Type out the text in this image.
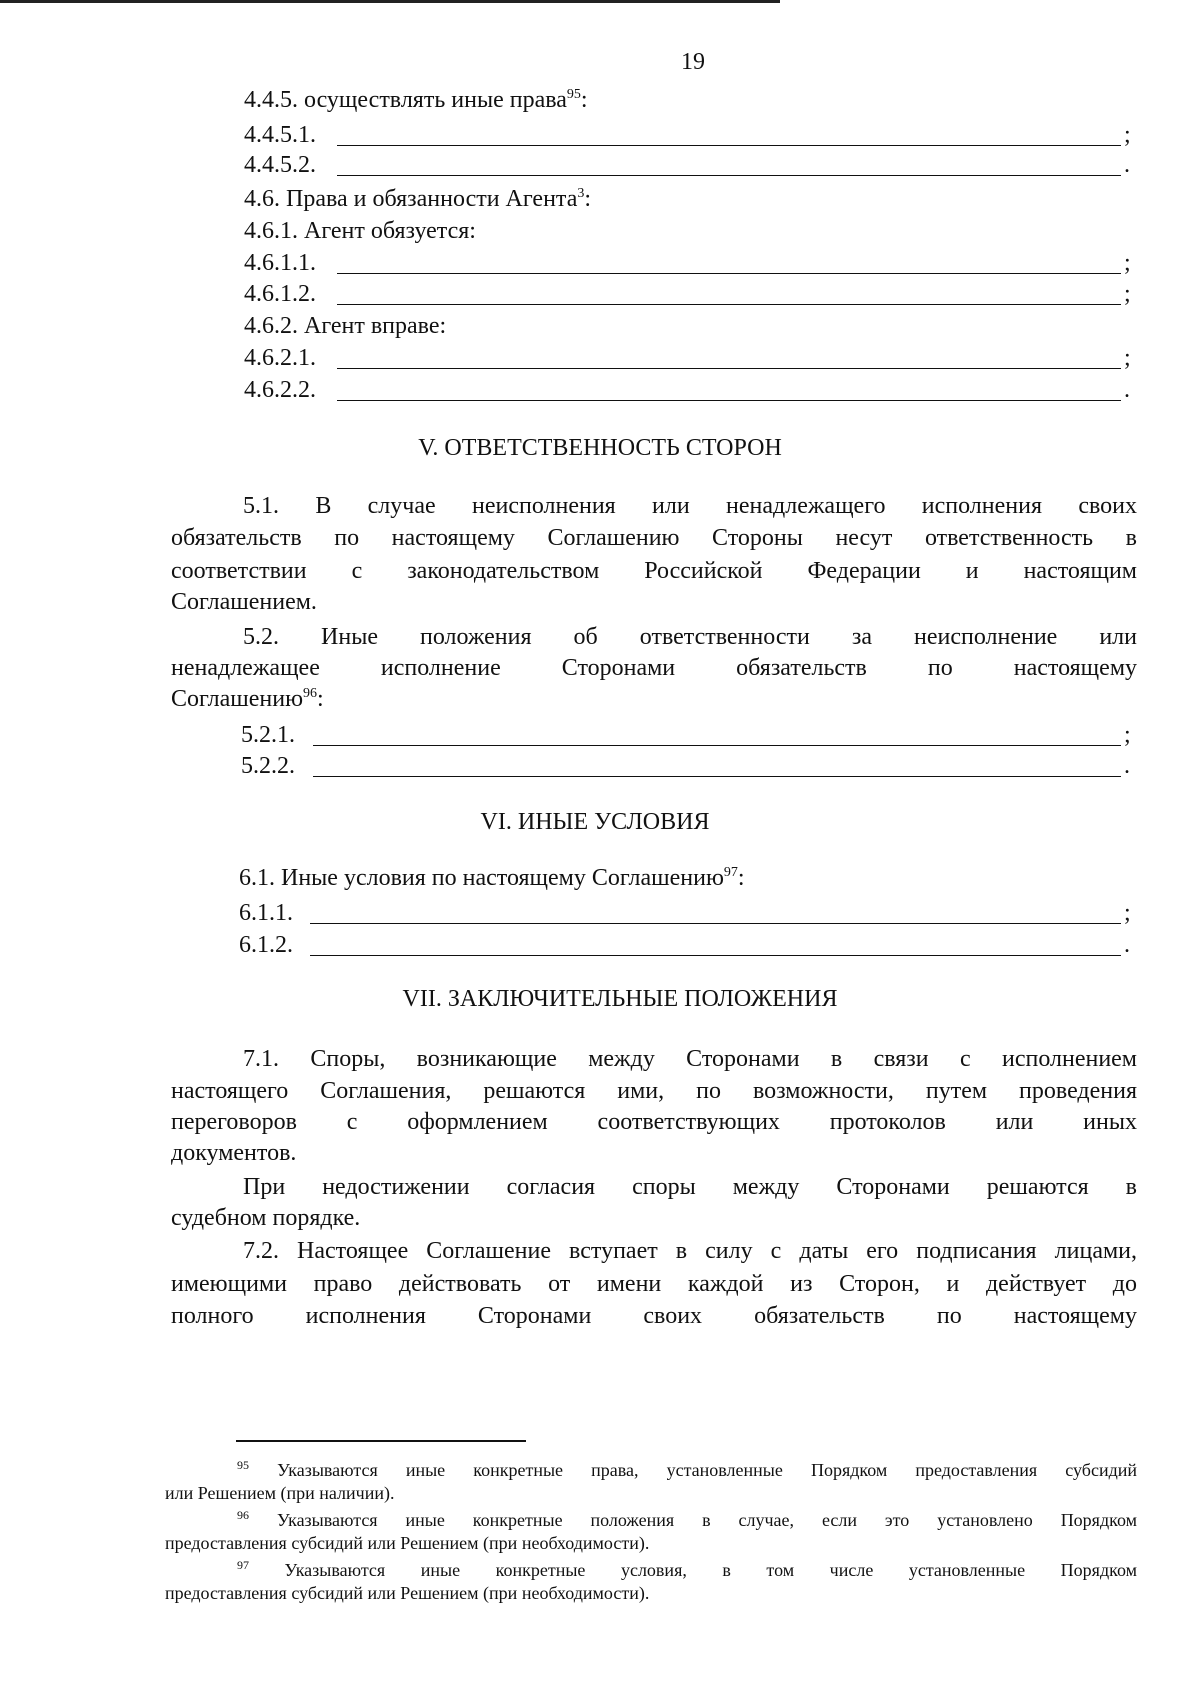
19
4.4.5. осуществлять иные права$^{95}$:
4.4.5.1.	;
4.4.5.2.	.
4.6. Права и обязанности Агента$^3$:
4.6.1. Агент обязуется:
4.6.1.1.	;
4.6.1.2.	;
4.6.2. Агент вправе:
4.6.2.1.	;
4.6.2.2.	.
V. ОТВЕТСТВЕННОСТЬ СТОРОН
5.1. В случае неисполнения или ненадлежащего исполнения своих
обязательств по настоящему Соглашению Стороны несут ответственность в
соответствии с законодательством Российской Федерации и настоящим
Соглашением.
5.2. Иные положения об ответственности за неисполнение или
ненадлежащее исполнение Сторонами обязательств по настоящему
Соглашению$^{96}$:
5.2.1.	;
5.2.2.	.
VI. ИНЫЕ УСЛОВИЯ
6.1. Иные условия по настоящему Соглашению$^{97}$:
6.1.1.	;
6.1.2.	.
VII. ЗАКЛЮЧИТЕЛЬНЫЕ ПОЛОЖЕНИЯ
7.1. Споры, возникающие между Сторонами в связи с исполнением
настоящего Соглашения, решаются ими, по возможности, путем проведения
переговоров с оформлением соответствующих протоколов или иных
документов.
При недостижении согласия споры между Сторонами решаются в
судебном порядке.
7.2. Настоящее Соглашение вступает в силу с даты его подписания лицами,
имеющими право действовать от имени каждой из Сторон, и действует до
полного исполнения Сторонами своих обязательств по настоящему
$^{95}$ Указываются иные конкретные права, установленные Порядком предоставления субсидий
или Решением (при наличии).
$^{96}$ Указываются иные конкретные положения в случае, если это установлено Порядком
предоставления субсидий или Решением (при необходимости).
$^{97}$ Указываются иные конкретные условия, в том числе установленные Порядком
предоставления субсидий или Решением (при необходимости).
